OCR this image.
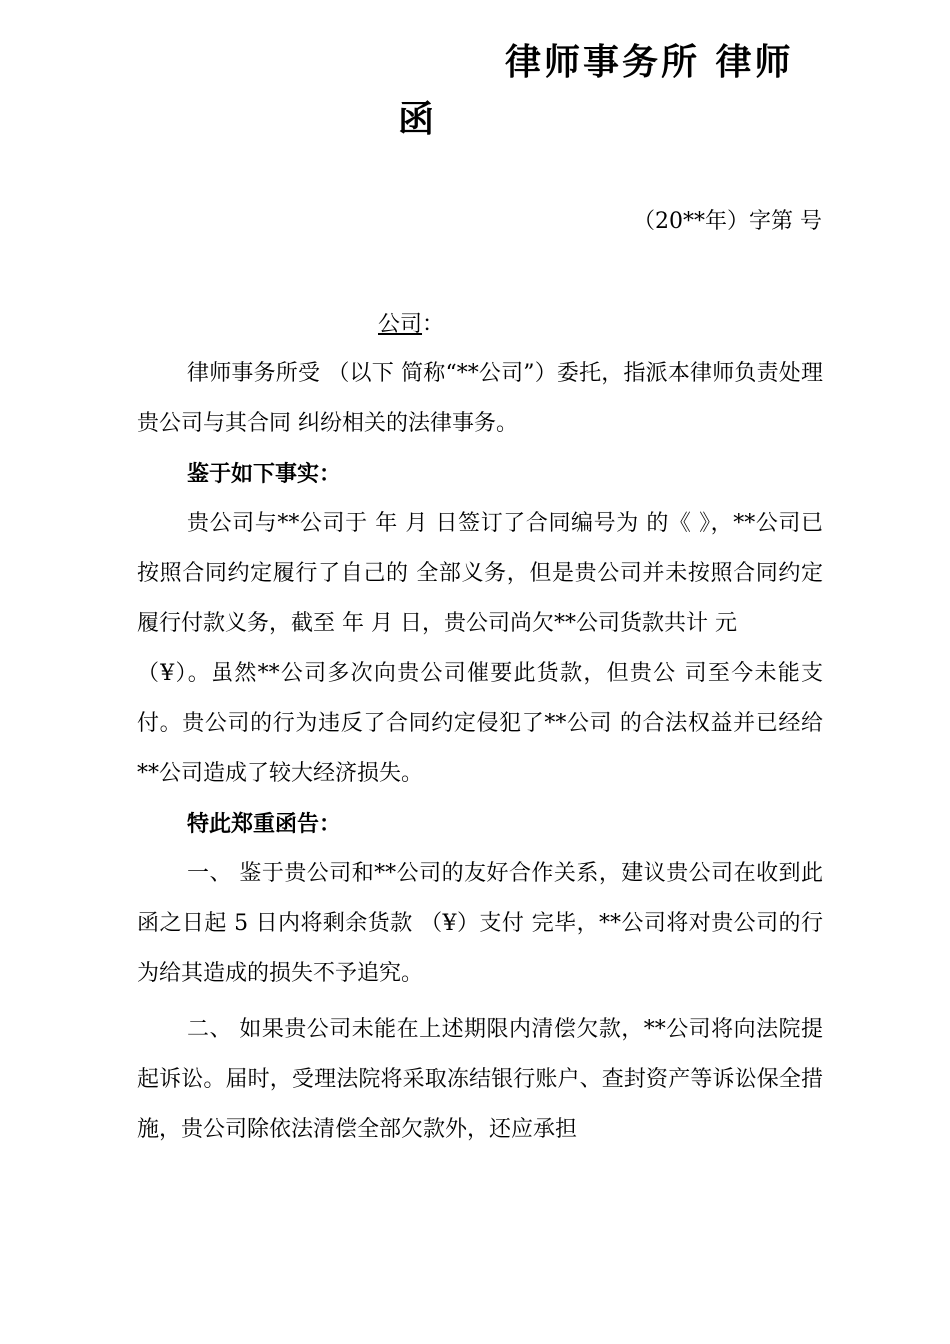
律师事务所 律师
函
（20**年）字第 号
公司：

律师事务所受 （以下 简称“**公司”）委托，指派本律师负责处理贵公司与其合同 纠纷相关的法律事务。

鉴于如下事实：

贵公司与**公司于 年 月 日签订了合同编号为 的《 》，**公司已按照合同约定履行了自己的 全部义务，但是贵公司并未按照合同约定履行付款义务，截至 年 月 日，贵公司尚欠**公司货款共计 元

（¥）。虽然**公司多次向贵公司催要此货款，但贵公 司至今未能支付。贵公司的行为违反了合同约定侵犯了**公司 的合法权益并已经给**公司造成了较大经济损失。

特此郑重函告：

一、 鉴于贵公司和**公司的友好合作关系，建议贵公司在收到此函之日起 5 日内将剩余货款 （¥）支付 完毕，**公司将对贵公司的行为给其造成的损失不予追究。

二、 如果贵公司未能在上述期限内清偿欠款，**公司将向法院提起诉讼。届时，受理法院将采取冻结银行账户、查封资产等诉讼保全措施，贵公司除依法清偿全部欠款外，还应承担
